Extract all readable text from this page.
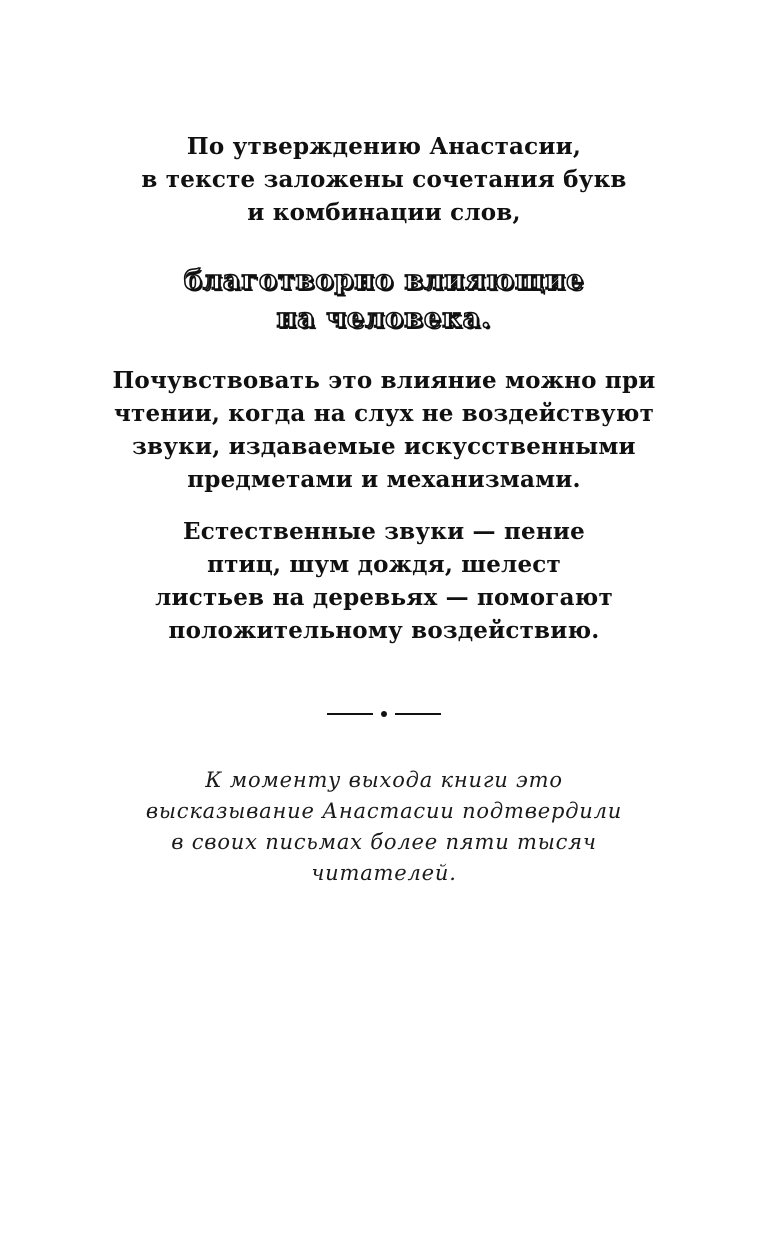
По утверждению Анастасии,
в тексте заложены сочетания букв
и комбинации слов,
благотворно влияющие
на человека.
Почувствовать это влияние можно при
чтении, когда на слух не воздействуют
звуки, издаваемые искусственными
предметами и механизмами.
Естественные звуки — пение
птиц, шум дождя, шелест
листьев на деревьях — помогают
положительному воздействию.
К моменту выхода книги это
высказывание Анастасии подтвердили
в своих письмах более пяти тысяч
читателей.
